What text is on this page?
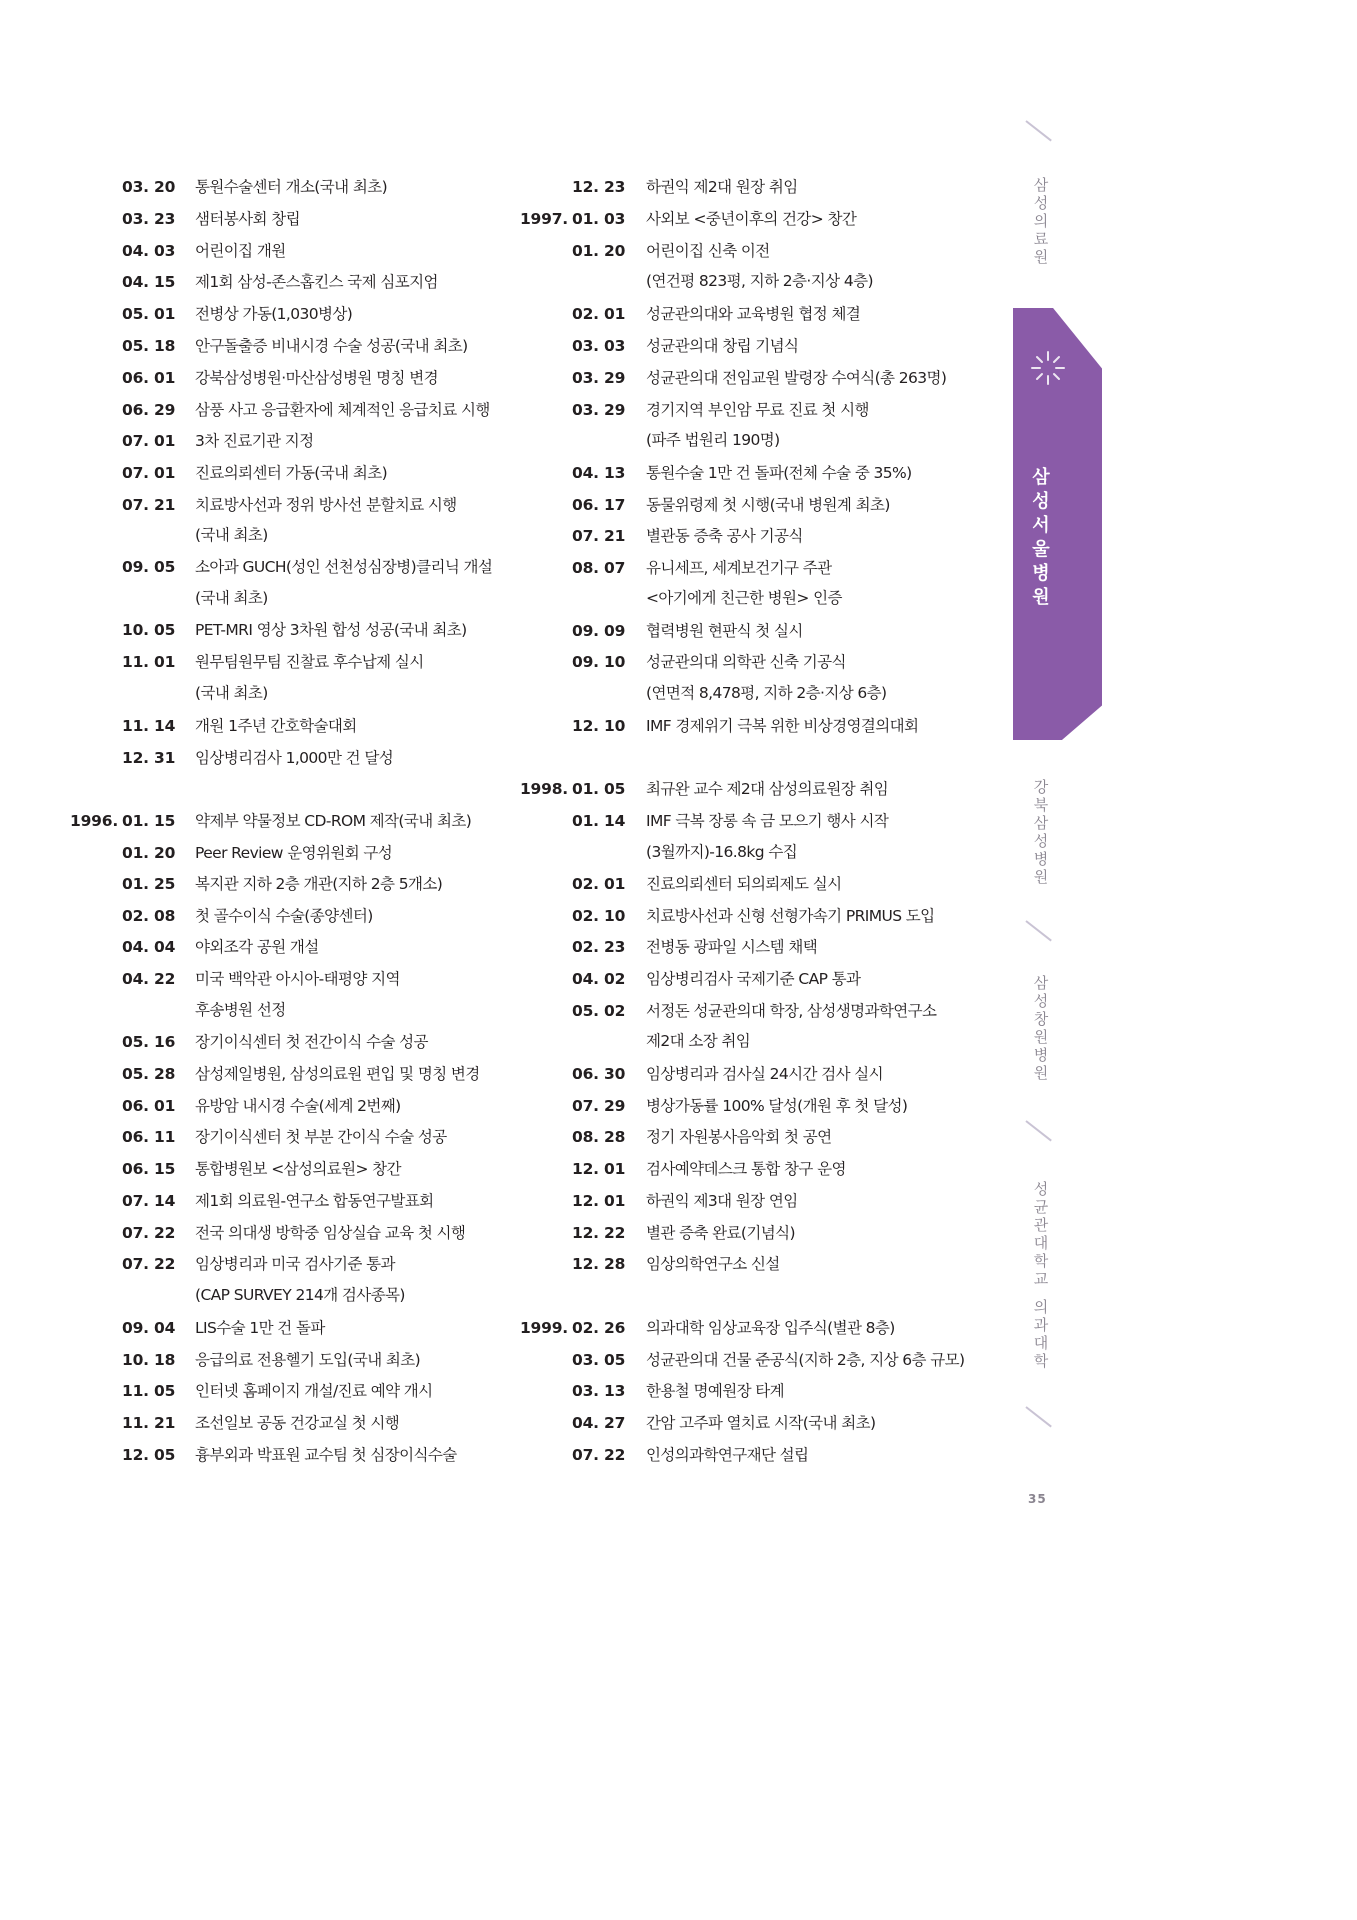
03. 20 통원수술센터 개소(국내 최초)
03. 23 샘터봉사회 창립
04. 03 어린이집 개원
04. 15 제1회 삼성-존스홉킨스 국제 심포지엄
05. 01 전병상 가동(1,030병상)
05. 18 안구돌출증 비내시경 수술 성공(국내 최초)
06. 01 강북삼성병원·마산삼성병원 명칭 변경
06. 29 삼풍 사고 응급환자에 체계적인 응급치료 시행
07. 01 3차 진료기관 지정
07. 01 진료의뢰센터 가동(국내 최초)
07. 21 치료방사선과 정위 방사선 분할치료 시행
(국내 최초)
09. 05 소아과 GUCH(성인 선천성심장병)클리닉 개설
(국내 최초)
10. 05 PET-MRI 영상 3차원 합성 성공(국내 최초)
11. 01 원무팀원무팀 진찰료 후수납제 실시
(국내 최초)
11. 14 개원 1주년 간호학술대회
12. 31 임상병리검사 1,000만 건 달성
1996. 01. 15 약제부 약물정보 CD-ROM 제작(국내 최초)
01. 20 Peer Review 운영위원회 구성
01. 25 복지관 지하 2층 개관(지하 2층 5개소)
02. 08 첫 골수이식 수술(종양센터)
04. 04 야외조각 공원 개설
04. 22 미국 백악관 아시아-태평양 지역
후송병원 선정
05. 16 장기이식센터 첫 전간이식 수술 성공
05. 28 삼성제일병원, 삼성의료원 편입 및 명칭 변경
06. 01 유방암 내시경 수술(세계 2번째)
06. 11 장기이식센터 첫 부분 간이식 수술 성공
06. 15 통합병원보 <삼성의료원> 창간
07. 14 제1회 의료원-연구소 합동연구발표회
07. 22 전국 의대생 방학중 임상실습 교육 첫 시행
07. 22 임상병리과 미국 검사기준 통과
(CAP SURVEY 214개 검사종목)
09. 04 LIS수술 1만 건 돌파
10. 18 응급의료 전용헬기 도입(국내 최초)
11. 05 인터넷 홈페이지 개설/진료 예약 개시
11. 21 조선일보 공동 건강교실 첫 시행
12. 05 흉부외과 박표원 교수팀 첫 심장이식수술
12. 23 하권익 제2대 원장 취임
1997. 01. 03 사외보 <중년이후의 건강> 창간
01. 20 어린이집 신축 이전
(연건평 823평, 지하 2층·지상 4층)
02. 01 성균관의대와 교육병원 협정 체결
03. 03 성균관의대 창립 기념식
03. 29 성균관의대 전임교원 발령장 수여식(총 263명)
03. 29 경기지역 부인암 무료 진료 첫 시행
(파주 법원리 190명)
04. 13 통원수술 1만 건 돌파(전체 수술 중 35%)
06. 17 동물위령제 첫 시행(국내 병원계 최초)
07. 21 별관동 증축 공사 기공식
08. 07 유니세프, 세계보건기구 주관
<아기에게 친근한 병원> 인증
09. 09 협력병원 현판식 첫 실시
09. 10 성균관의대 의학관 신축 기공식
(연면적 8,478평, 지하 2층·지상 6층)
12. 10 IMF 경제위기 극복 위한 비상경영결의대회
1998. 01. 05 최규완 교수 제2대 삼성의료원장 취임
01. 14 IMF 극복 장롱 속 금 모으기 행사 시작
(3월까지)-16.8kg 수집
02. 01 진료의뢰센터 되의뢰제도 실시
02. 10 치료방사선과 신형 선형가속기 PRIMUS 도입
02. 23 전병동 광파일 시스템 채택
04. 02 임상병리검사 국제기준 CAP 통과
05. 02 서정돈 성균관의대 학장, 삼성생명과학연구소
제2대 소장 취임
06. 30 임상병리과 검사실 24시간 검사 실시
07. 29 병상가동률 100% 달성(개원 후 첫 달성)
08. 28 정기 자원봉사음악회 첫 공연
12. 01 검사예약데스크 통합 창구 운영
12. 01 하권익 제3대 원장 연임
12. 22 별관 증축 완료(기념식)
12. 28 임상의학연구소 신설
1999. 02. 26 의과대학 임상교육장 입주식(별관 8층)
03. 05 성균관의대 건물 준공식(지하 2층, 지상 6층 규모)
03. 13 한용철 명예원장 타계
04. 27 간암 고주파 열치료 시작(국내 최초)
07. 22 인성의과학연구재단 설립
삼
성
의
료
원
삼
성
서
울
병
원
강
북
삼
성
병
원
삼
성
창
원
병
원
성
균
관
대
학
교

의
과
대
학
35
